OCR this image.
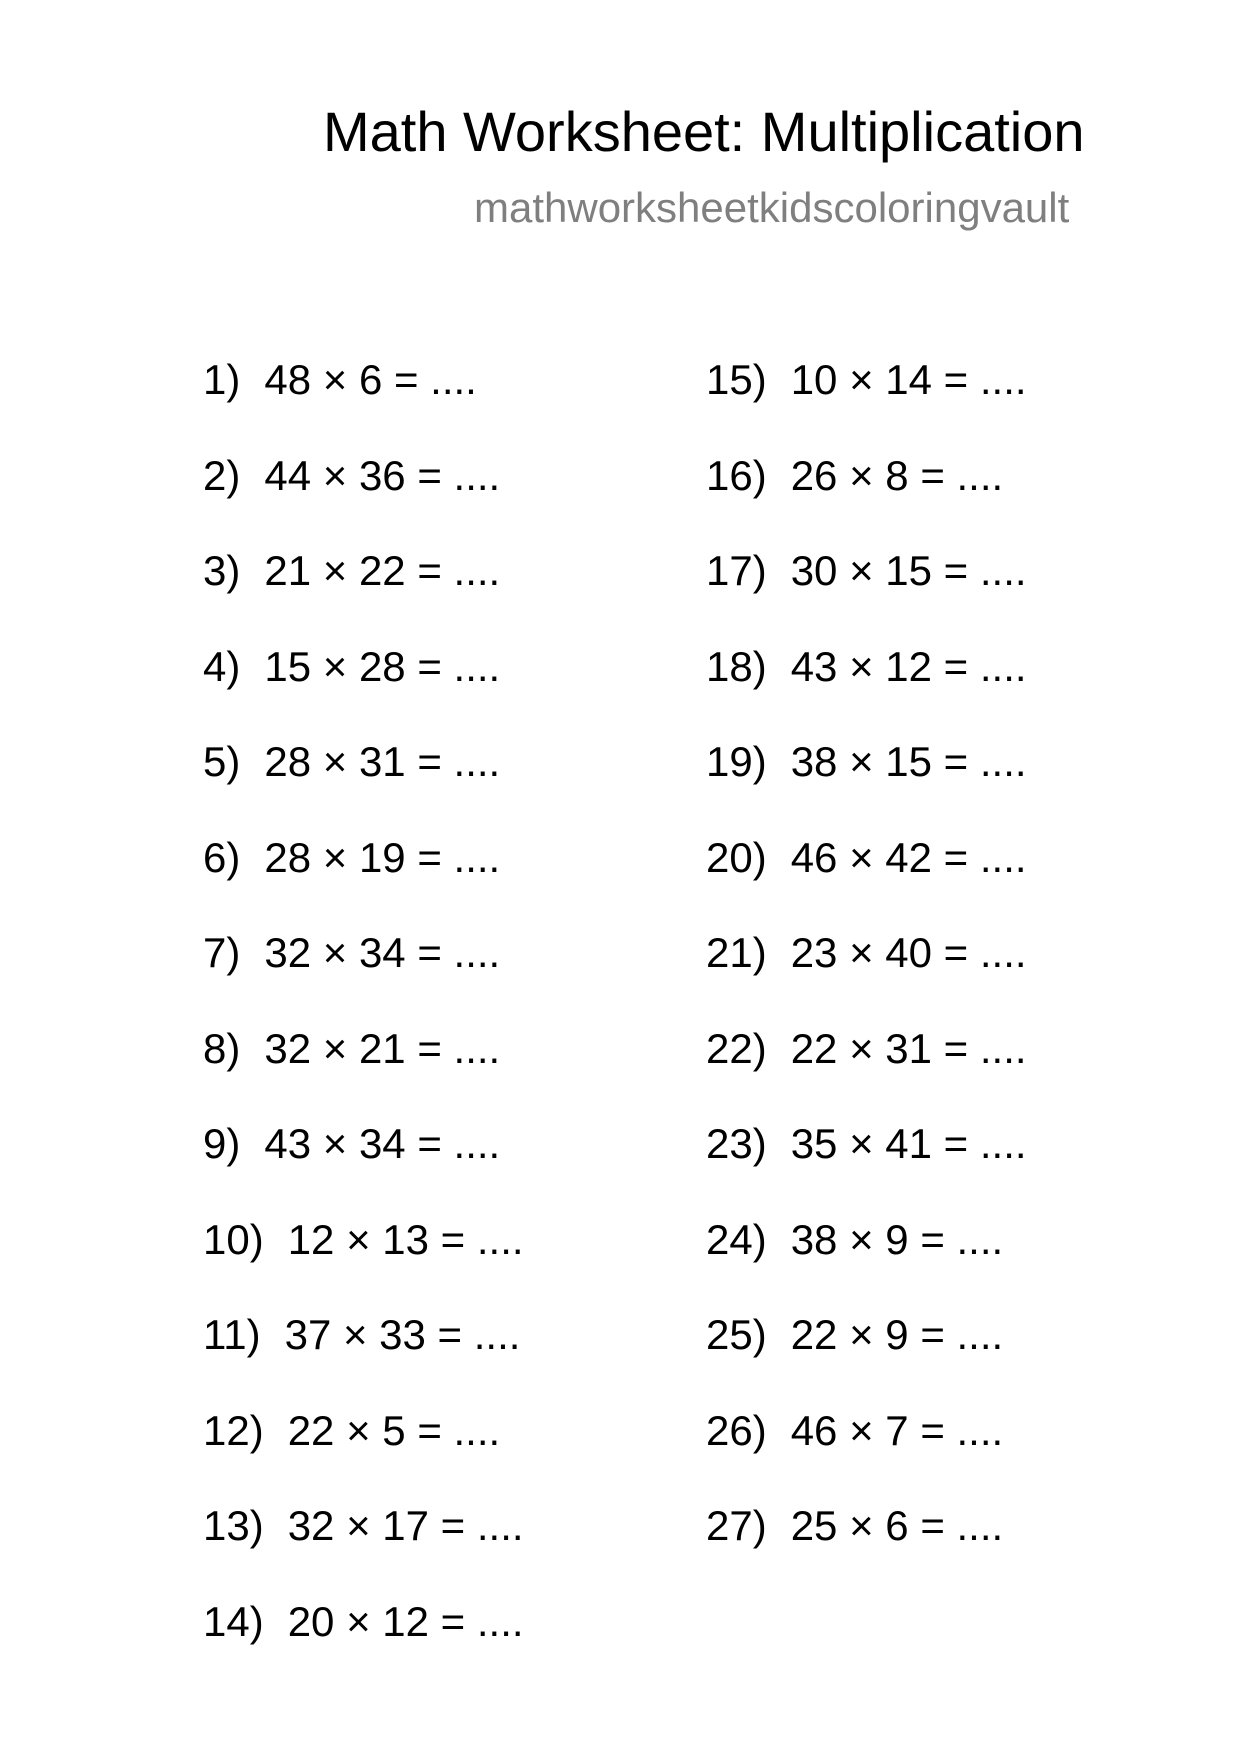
Math Worksheet: Multiplication
mathworksheetkidscoloringvault
1) 48 × 6 = ....
2) 44 × 36 = ....
3) 21 × 22 = ....
4) 15 × 28 = ....
5) 28 × 31 = ....
6) 28 × 19 = ....
7) 32 × 34 = ....
8) 32 × 21 = ....
9) 43 × 34 = ....
10) 12 × 13 = ....
11) 37 × 33 = ....
12) 22 × 5 = ....
13) 32 × 17 = ....
14) 20 × 12 = ....
15) 10 × 14 = ....
16) 26 × 8 = ....
17) 30 × 15 = ....
18) 43 × 12 = ....
19) 38 × 15 = ....
20) 46 × 42 = ....
21) 23 × 40 = ....
22) 22 × 31 = ....
23) 35 × 41 = ....
24) 38 × 9 = ....
25) 22 × 9 = ....
26) 46 × 7 = ....
27) 25 × 6 = ....
